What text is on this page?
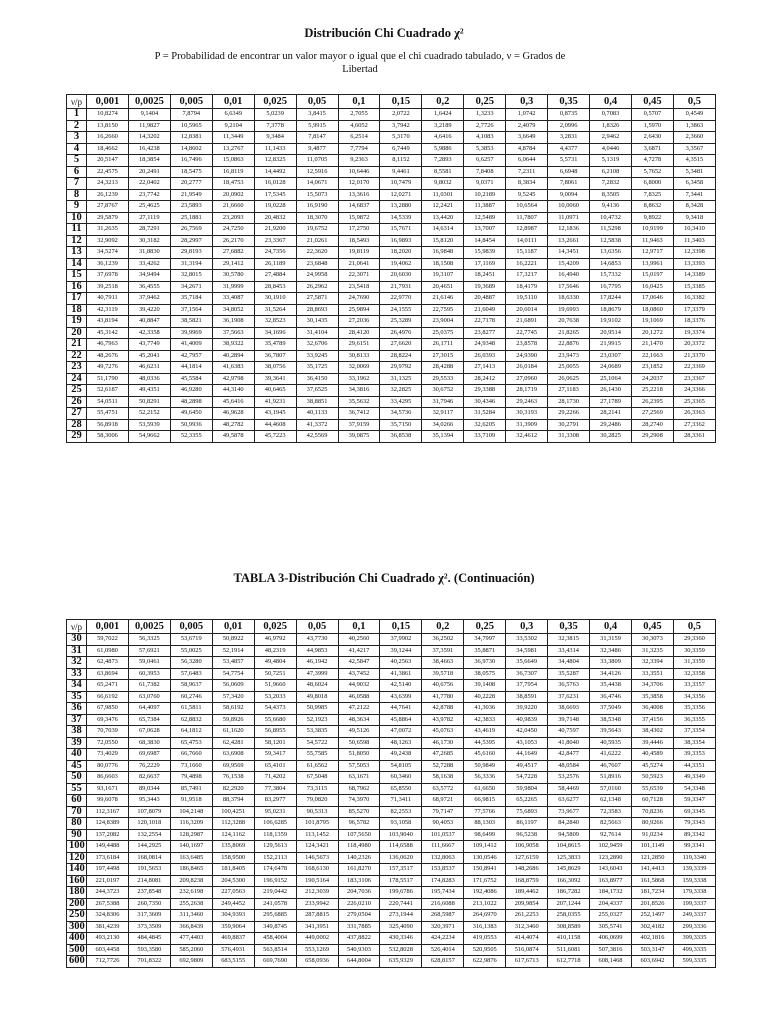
Distribución Chi Cuadrado χ²
P = Probabilidad de encontrar un valor mayor o igual que el chi cuadrado tabulado, ν = Grados de Libertad
ν/p	0,001	0,0025	0,005	0,01	0,025	0,05	0,1	0,15	0,2	0,25	0,3	0,35	0,4	0,45	0,5
1	10,8274	9,1404	7,8794	6,6349	5,0239	3,8415	2,7055	2,0722	1,6424	1,3233	1,0742	0,8735	0,7083	0,5707	0,4549
2	13,8150	11,9827	10,5965	9,2104	7,3778	5,9915	4,6052	3,7942	3,2189	2,7726	2,4079	2,0996	1,8326	1,5970	1,3863
3	16,2660	14,3202	12,8381	11,3449	9,3484	7,8147	6,2514	5,3170	4,6416	4,1083	3,6649	3,2831	2,9462	2,6430	2,3660
4	18,4662	16,4238	14,8602	13,2767	11,1433	9,4877	7,7794	6,7449	5,9886	5,3853	4,8784	4,4377	4,0446	3,6871	3,3567
5	20,5147	18,3854	16,7496	15,0863	12,8325	11,0705	9,2363	8,1152	7,2893	6,6257	6,0644	5,5731	5,1319	4,7278	4,3515
6	22,4575	20,2491	18,5475	16,8119	14,4492	12,5916	10,6446	9,4461	8,5581	7,8408	7,2311	6,6948	6,2108	5,7652	5,3481
7	24,3213	22,0402	20,2777	18,4753	16,0128	14,0671	12,0170	10,7479	9,8032	9,0371	8,3834	7,8061	7,2832	6,8000	6,3458
8	26,1239	23,7742	21,9549	20,0902	17,5345	15,5073	13,3616	12,0271	11,0301	10,2189	9,5245	9,0094	8,3505	7,8325	7,3441
9	27,8767	25,4625	23,5893	21,6660	19,0228	16,9190	14,6837	13,2880	12,2421	11,3887	10,6564	10,0060	9,4136	8,8632	8,3428
10	29,5879	27,1119	25,1881	23,2093	20,4832	18,3070	15,9872	14,5339	13,4420	12,5489	11,7807	11,0971	10,4732	9,8922	9,3418
11	31,2635	28,7291	26,7569	24,7250	21,9200	19,6752	17,2750	15,7671	14,6314	13,7007	12,8987	12,1836	11,5298	10,9199	10,3410
12	32,9092	30,3182	28,2997	26,2170	23,3367	21,0261	18,5493	16,9893	15,8120	14,8454	14,0111	13,2661	12,5838	11,9463	11,3403
13	34,5274	31,8830	29,8193	27,6882	24,7356	22,3620	19,8119	18,2020	16,9848	15,9839	15,1187	14,3451	13,6356	12,9717	12,3398
14	36,1239	33,4262	31,3194	29,1412	26,1189	23,6848	21,0641	19,4062	18,1508	17,1169	16,2221	15,4209	14,6853	13,9961	13,3393
15	37,6978	34,9494	32,8015	30,5780	27,4884	24,9958	22,3071	20,6030	19,3107	18,2451	17,3217	16,4940	15,7332	15,0197	14,3389
16	39,2518	36,4555	34,2671	31,9999	28,8453	26,2962	23,5418	21,7931	20,4651	19,3689	18,4179	17,5646	16,7795	16,0425	15,3385
17	40,7911	37,9462	35,7184	33,4087	30,1910	27,5871	24,7690	22,9770	21,6146	20,4887	19,5110	18,6330	17,8244	17,0646	16,3382
18	42,3119	39,4220	37,1564	34,8052	31,5264	28,8693	25,9894	24,1555	22,7595	21,6049	20,6014	19,6993	18,8679	18,0860	17,3379
19	43,8194	40,8847	38,5821	36,1908	32,8523	30,1435	27,2036	25,3289	23,9004	22,7178	21,6891	20,7638	19,9102	19,1069	18,3376
20	45,3142	42,3358	39,9969	37,5663	34,1696	31,4104	28,4120	26,4976	25,0375	23,8277	22,7745	21,8265	20,9514	20,1272	19,3374
21	46,7963	43,7749	41,4009	38,9322	35,4789	32,6706	29,6151	27,6620	26,1711	24,9348	23,8578	22,8876	21,9915	21,1470	20,3372
22	48,2676	45,2041	42,7957	40,2894	36,7807	33,9245	30,8133	28,8224	27,3015	26,0393	24,9390	23,9473	23,0307	22,1663	21,3370
23	49,7276	46,6231	44,1814	41,6383	38,0756	35,1725	32,0069	29,9792	28,4288	27,1413	26,0184	25,0055	24,0689	23,1852	22,3369
24	51,1790	48,0336	45,5584	42,9798	39,3641	36,4150	33,1962	31,1325	29,5533	28,2412	27,0960	26,0625	25,1064	24,2037	23,3367
25	52,6187	49,4351	46,9280	44,3140	40,6465	37,6525	34,3816	32,2825	30,6752	29,3388	28,1719	27,1183	26,1430	25,2218	24,3366
26	54,0511	50,8291	48,2898	45,6416	41,9231	38,8851	35,5632	33,4295	31,7946	30,4346	29,2463	28,1730	27,1789	26,2395	25,3365
27	55,4751	52,2152	49,6450	46,9628	43,1945	40,1133	36,7412	34,5736	32,9117	31,5284	30,3193	29,2266	28,2141	27,2569	26,3363
28	56,8918	53,5939	50,9936	48,2782	44,4608	41,3372	37,9159	35,7150	34,0266	32,6205	31,3909	30,2791	29,2486	28,2740	27,3362
29	58,3006	54,9662	52,3355	49,5878	45,7223	42,5569	39,0875	36,8538	35,1394	33,7109	32,4612	31,3308	30,2825	29,2908	28,3361
TABLA 3-Distribución Chi Cuadrado χ². (Continuación)
ν/p	0,001	0,0025	0,005	0,01	0,025	0,05	0,1	0,15	0,2	0,25	0,3	0,35	0,4	0,45	0,5
30	59,7022	56,3325	53,6719	50,8922	46,9792	43,7730	40,2560	37,9902	36,2502	34,7997	33,5302	32,3815	31,3159	30,3073	29,3360
31	61,0980	57,6921	55,0025	52,1914	48,2319	44,9853	41,4217	39,1244	37,3591	35,8871	34,5981	33,4314	32,3486	31,3235	30,3359
32	62,4873	59,0461	56,3280	53,4857	49,4804	46,1942	42,5847	40,2563	38,4663	36,9730	35,6649	34,4804	33,3809	32,3394	31,3359
33	63,8694	60,3953	57,6483	54,7754	50,7251	47,3999	43,7452	41,3861	39,5718	38,0575	36,7307	35,5287	34,4126	33,3551	32,3358
34	65,2471	61,7382	58,9637	56,0609	51,9660	48,6024	44,9032	42,5140	40,6756	39,1408	37,7954	36,5763	35,4438	34,3706	33,3357
35	66,6192	63,0760	60,2746	57,3420	53,2033	49,8018	46,0588	43,6399	41,7780	40,2228	38,8591	37,6231	36,4746	35,3858	34,3356
36	67,9850	64,4097	61,5811	58,6192	54,4373	50,9985	47,2122	44,7641	42,8788	41,3036	39,9220	38,6693	37,5049	36,4008	35,3356
37	69,3476	65,7384	62,8832	59,8926	55,6680	52,1923	48,3634	45,8864	43,9782	42,3833	40,9839	39,7148	38,5348	37,4156	36,3355
38	70,7039	67,0628	64,1812	61,1620	56,8955	53,3835	49,5126	47,0072	45,0763	43,4619	42,0450	40,7597	39,5643	38,4302	37,3354
39	72,0550	68,3830	65,4753	62,4281	58,1201	54,5722	50,6598	48,1263	46,1730	44,5395	43,1053	41,8040	40,5935	39,4446	38,3354
40	73,4029	69,6987	66,7660	63,6908	59,3417	55,7585	51,8050	49,2438	47,2685	45,6160	44,1649	42,8477	41,6222	40,4589	39,3353
45	80,0776	76,2229	73,1660	69,9569	65,4101	61,6562	57,5053	54,8105	52,7288	50,9849	49,4517	48,0584	46,7607	45,5274	44,3351
50	86,6603	82,6637	79,4898	76,1538	71,4202	67,5048	63,1671	60,3460	58,1638	56,3336	54,7228	53,2576	51,8916	50,5923	49,3349
55	93,1671	89,0344	85,7491	82,2920	77,3804	73,3115	68,7962	65,8550	63,5772	61,6650	59,9804	58,4469	57,0160	55,6539	54,3348
60	99,6078	95,3443	91,9518	88,3794	83,2977	79,0820	74,3970	71,3411	68,9721	66,9815	65,2265	63,6277	62,1348	60,7128	59,3347
70	112,3167	107,8079	104,2148	100,4251	95,0231	90,5313	85,5270	82,2553	79,7147	77,5766	75,6893	73,9677	72,3583	70,8236	69,3345
80	124,8389	120,1018	116,3209	112,3288	106,6285	101,8795	96,5782	93,1058	90,4053	88,1303	86,1197	84,2840	82,5663	80,9266	79,3343
90	137,2082	132,2554	128,2987	124,1162	118,1359	113,1452	107,5650	103,9040	101,0537	98,6499	96,5238	94,5809	92,7614	91,0234	89,3342
100	149,4488	144,2925	140,1697	135,8069	129,5613	124,3421	118,4980	114,6588	111,6667	109,1412	106,9058	104,8615	102,9459	101,1149	99,3341
120	173,6184	168,0814	163,6485	158,9500	152,2113	146,5673	140,2326	136,0620	132,8063	130,0546	127,6159	125,3833	123,2890	121,2850	119,3340
140	197,4498	191,5653	186,8465	181,8405	174,6478	168,6130	161,8270	157,3517	153,8537	150,8941	148,2686	145,8629	143,6043	141,4413	139,3339
160	221,0197	214,8081	209,8238	204,5300	196,9152	190,5164	183,3106	178,5517	174,8283	171,6752	168,8759	166,3092	163,8977	161,5868	159,3338
180	244,3723	237,8548	232,6198	227,0563	219,0442	212,3039	204,7036	199,6786	195,7434	192,4086	189,4462	186,7282	184,1732	181,7234	179,3338
200	267,5388	260,7350	255,2638	249,4452	241,0578	233,9942	226,0210	220,7441	216,6088	213,1022	209,9854	207,1244	204,4337	201,8526	199,3337
250	324,8306	317,3609	311,3460	304,9393	295,6885	287,8815	279,0504	273,1944	268,5987	264,6970	261,2253	258,0355	255,0327	252,1497	249,3337
300	381,4239	373,3509	366,8439	359,9064	349,8745	341,3951	331,7885	325,4090	320,3971	316,1383	312,3460	308,8589	305,5741	302,4182	299,3336
400	493,2130	484,4845	477,4403	469,8837	458,4004	449,0002	437,8822	430,3346	424,2234	419,0553	414,4074	410,1158	406,0699	402,1816	399,3335
500	603,4458	593,3580	585,2060	576,4931	563,8514	553,1269	540,9303	532,8028	526,4014	520,9505	516,0874	511,6081	507,3816	503,3147	499,3335
600	712,7726	701,8322	692,9809	683,5155	669,7690	658,0936	644,8004	635,9329	628,8157	622,9876	617,6713	612,7718	608,1468	603,6942	599,3335
